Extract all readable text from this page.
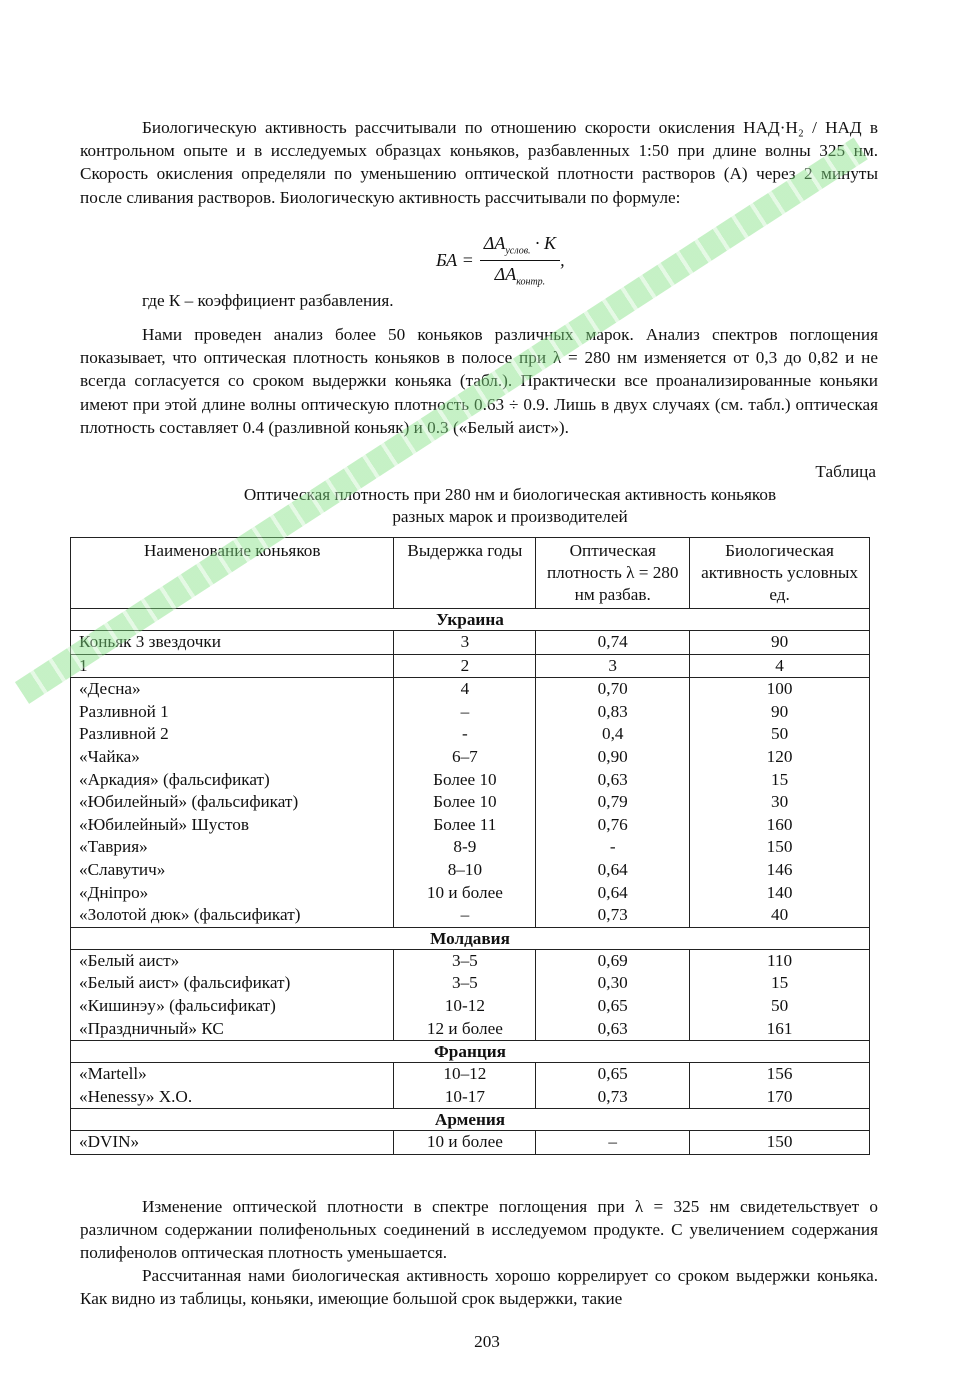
Биологическую активность рассчитывали по отношению скорости окисления НАД·Н₂ / НАД в контрольном опыте и в исследуемых образцах коньяков, разбавленных 1:50 при длине волны 325 нм. Скорость окисления определяли по уменьшению оптической плотности растворов (А) через 2 минуты после сливания растворов. Биологическую активность рассчитывали по формуле:

БА = $\frac{\Delta A_{услов.} \cdot K}{\Delta A_{контр.}}$ ,
где К – коэффициент разбавления.

Нами проведен анализ более 50 коньяков различных марок. Анализ спектров поглощения показывает, что оптическая плотность коньяков в полосе при λ = 280 нм изменяется от 0,3 до 0,82 и не всегда согласуется со сроком выдержки коньяка (табл.). Практически все проанализированные коньяки имеют при этой длине волны оптическую плотность 0.63 ÷ 0.9. Лишь в двух случаях (см. табл.) оптическая плотность составляет 0.4 (разливной коньяк) и 0.3 («Белый аист»).

Таблица
Оптическая плотность при 280 нм и биологическая активность коньяков
разных марок и производителей
Наименование коньяков	Выдержка годы	Оптическая плотность λ = 280 нм разбав.	Биологическая активность условных ед.
Украина			
Коньяк 3 звездочки	3	0,74	90
1	2	3	4
«Десна»	4	0,70	100
Разливной 1	–	0,83	90
Разливной 2	-	0,4	50
«Чайка»	6–7	0,90	120
«Аркадия» (фальсификат)	Более 10	0,63	15
«Юбилейный» (фальсификат)	Более 10	0,79	30
«Юбилейный» Шустов	Более 11	0,76	160
«Таврия»	8-9	-	150
«Славутич»	8–10	0,64	146
«Дніпро»	10 и более	0,64	140
«Золотой дюк» (фальсификат)	–	0,73	40
Молдавия			
«Белый аист»	3–5	0,69	110
«Белый аист» (фальсификат)	3–5	0,30	15
«Кишинэу» (фальсификат)	10-12	0,65	50
«Праздничный» КС	12 и более	0,63	161
Франция			
«Martell»	10–12	0,65	156
«Henessy» X.O.	10-17	0,73	170
Армения			
«DVIN»	10 и более	–	150

Изменение оптической плотности в спектре поглощения при λ = 325 нм свидетельствует о различном содержании полифенольных соединений в исследуемом продукте. С увеличением содержания полифенолов оптическая плотность уменьшается.

Рассчитанная нами биологическая активность хорошо коррелирует со сроком выдержки коньяка. Как видно из таблицы, коньяки, имеющие большой срок выдержки, такие

203
